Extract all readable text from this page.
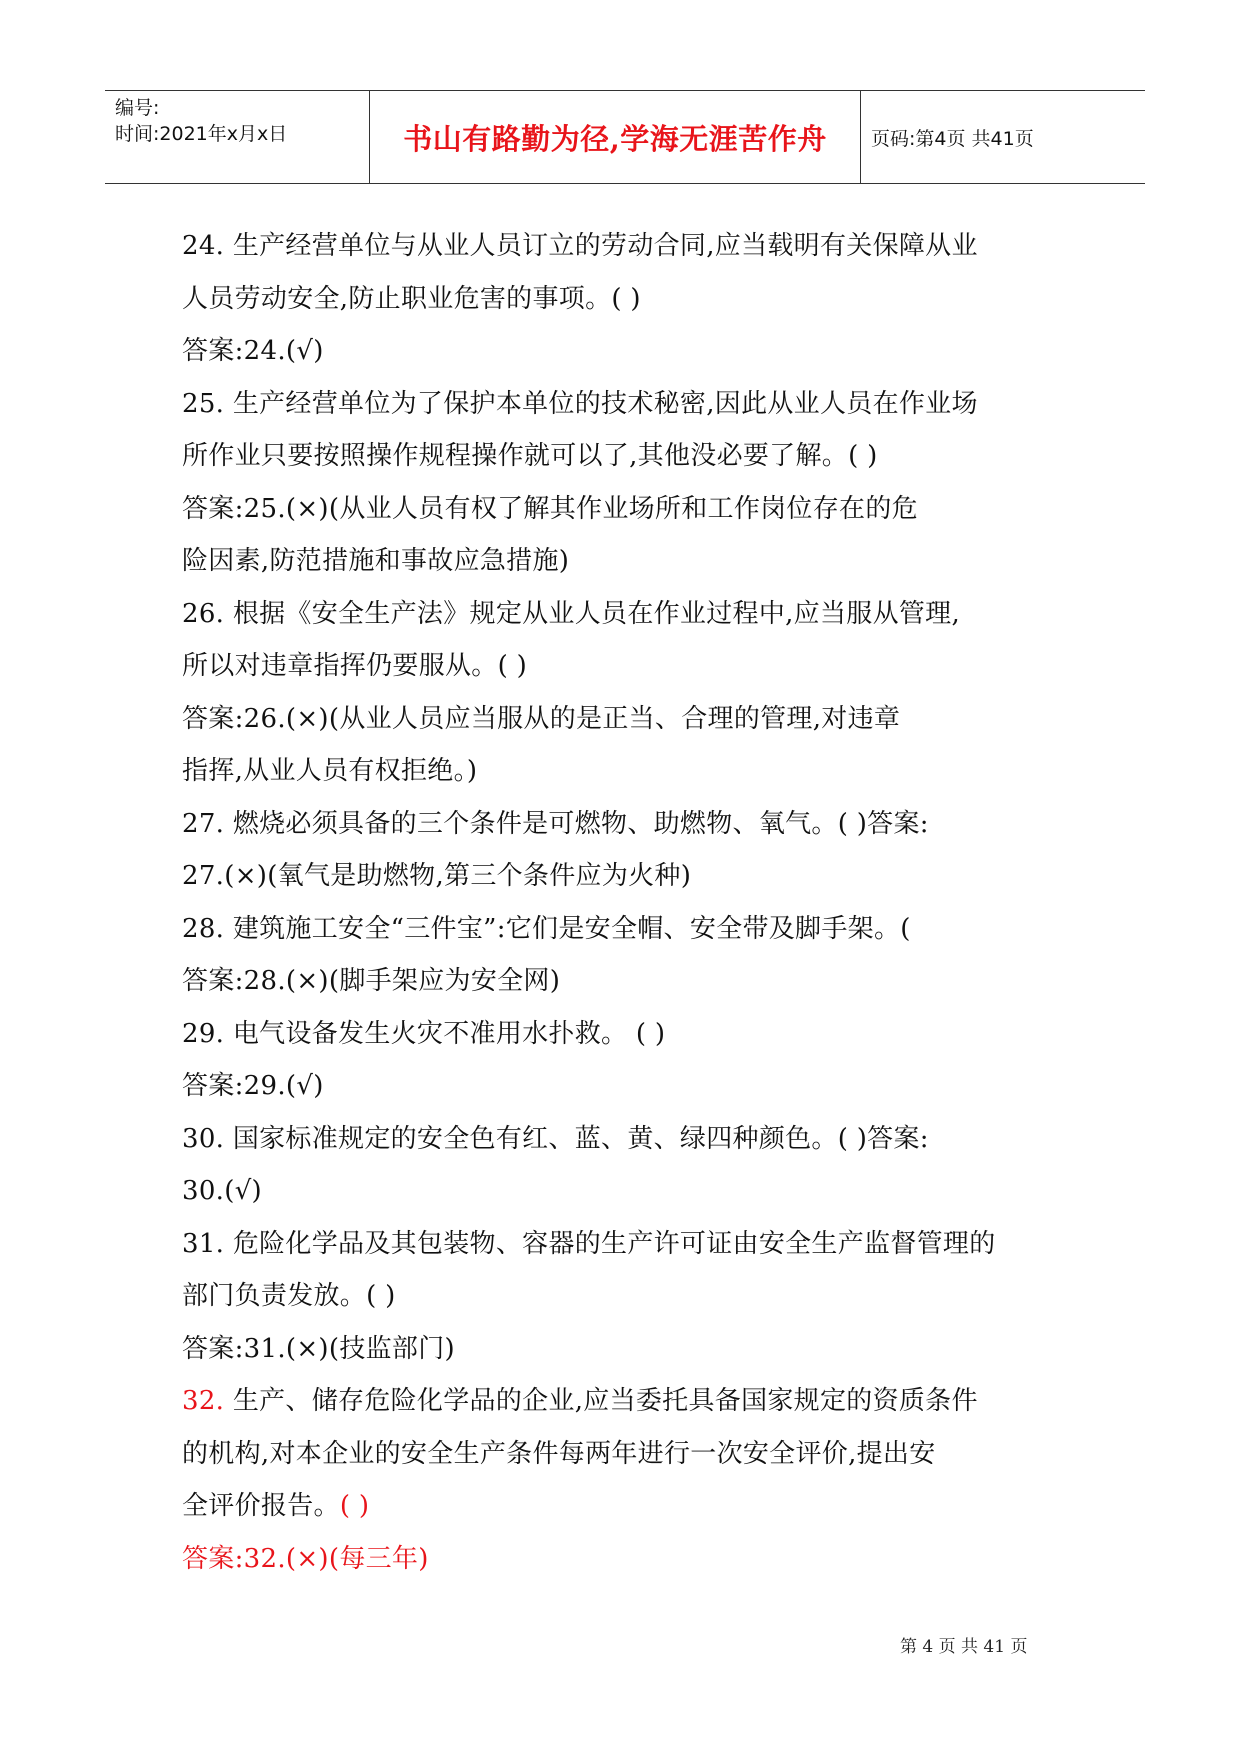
编号:
时间:2021年x月x日	书山有路勤为径,学海无涯苦作舟	页码:第4页 共41页
24. 生产经营单位与从业人员订立的劳动合同,应当载明有关保障从业
人员劳动安全,防止职业危害的事项。( )
答案:24.(√)
25. 生产经营单位为了保护本单位的技术秘密,因此从业人员在作业场
所作业只要按照操作规程操作就可以了,其他没必要了解。( )
答案:25.(×)(从业人员有权了解其作业场所和工作岗位存在的危
险因素,防范措施和事故应急措施)
26. 根据《安全生产法》规定从业人员在作业过程中,应当服从管理,
所以对违章指挥仍要服从。( )
答案:26.(×)(从业人员应当服从的是正当、合理的管理,对违章
指挥,从业人员有权拒绝。)
27. 燃烧必须具备的三个条件是可燃物、助燃物、氧气。( )答案:
27.(×)(氧气是助燃物,第三个条件应为火种)
28. 建筑施工安全“三件宝”:它们是安全帽、安全带及脚手架。(
答案:28.(×)(脚手架应为安全网)
29. 电气设备发生火灾不准用水扑救。 ( )
答案:29.(√)
30. 国家标准规定的安全色有红、蓝、黄、绿四种颜色。( )答案:
30.(√)
31. 危险化学品及其包装物、容器的生产许可证由安全生产监督管理的
部门负责发放。( )
答案:31.(×)(技监部门)
32. 生产、储存危险化学品的企业,应当委托具备国家规定的资质条件
的机构,对本企业的安全生产条件每两年进行一次安全评价,提出安
全评价报告。( )
答案:32.(×)(每三年)
第 4 页 共 41 页
